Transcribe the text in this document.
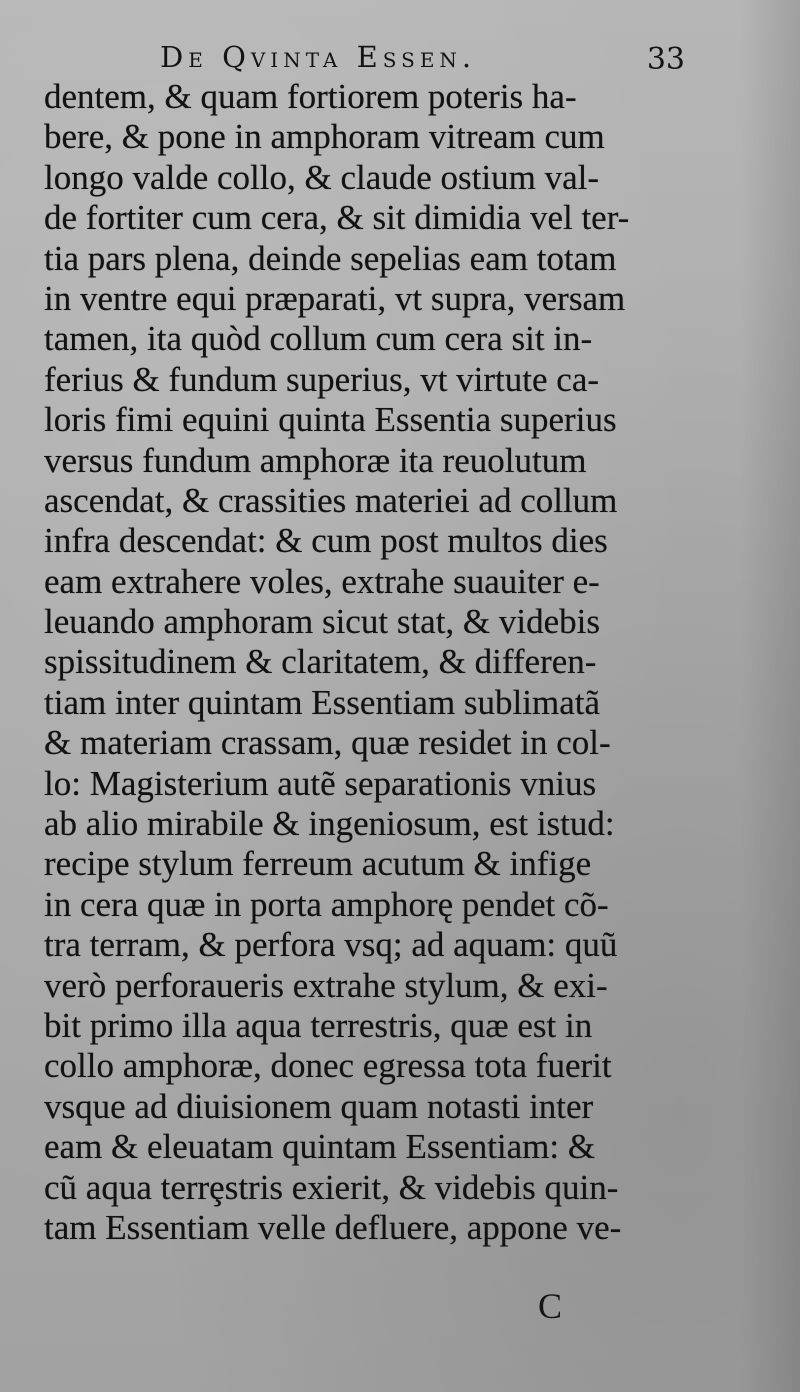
De Qvinta Essen.	33
dentem, & quam fortiorem poteris ha-
bere, & pone in amphoram vitream cum
longo valde collo, & claude ostium val-
de fortiter cum cera, & sit dimidia vel ter-
tia pars plena, deinde sepelias eam totam
in ventre equi præparati, vt supra, versam
tamen, ita quòd collum cum cera sit in-
ferius & fundum superius, vt virtute ca-
loris fimi equini quinta Essentia superius
versus fundum amphoræ ita reuolutum
ascendat, & crassities materiei ad collum
infra descendat: & cum post multos dies
eam extrahere voles, extrahe suauiter e-
leuando amphoram sicut stat, & videbis
spissitudinem & claritatem, & differen-
tiam inter quintam Essentiam sublimatã
& materiam crassam, quæ residet in col-
lo: Magisterium autẽ separationis vnius
ab alio mirabile & ingeniosum, est istud:
recipe stylum ferreum acutum & infige
in cera quæ in porta amphorę pendet cõ-
tra terram, & perfora vsq; ad aquam: quũ
verò perforaueris extrahe stylum, & exi-
bit primo illa aqua terrestris, quæ est in
collo amphoræ, donec egressa tota fuerit
vsque ad diuisionem quam notasti inter
eam & eleuatam quintam Essentiam: &
cũ aqua terrȩstris exierit, & videbis quin-
tam Essentiam velle defluere, appone ve-
C
